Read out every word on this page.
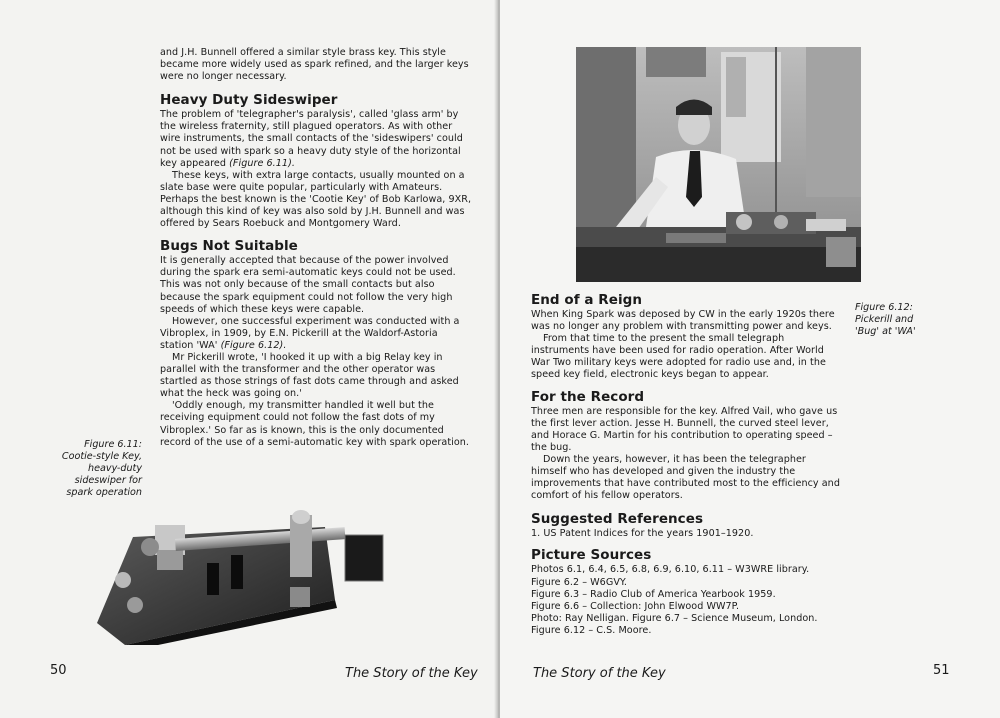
and J.H. Bunnell offered a similar style brass key. This style became more widely used as spark refined, and the larger keys were no longer necessary.

Heavy Duty Sideswiper

The problem of 'telegrapher's paralysis', called 'glass arm' by the wireless fraternity, still plagued operators. As with other wire instruments, the small contacts of the 'sideswipers' could not be used with spark so a heavy duty style of the horizontal key appeared (Figure 6.11).

These keys, with extra large contacts, usually mounted on a slate base were quite popular, particularly with Amateurs. Perhaps the best known is the 'Cootie Key' of Bob Karlowa, 9XR, although this kind of key was also sold by J.H. Bunnell and was offered by Sears Roebuck and Montgomery Ward.

Bugs Not Suitable

It is generally accepted that because of the power involved during the spark era semi-automatic keys could not be used. This was not only because of the small contacts but also because the spark equipment could not follow the very high speeds of which these keys were capable.

However, one successful experiment was conducted with a Vibroplex, in 1909, by E.N. Pickerill at the Waldorf-Astoria station 'WA' (Figure 6.12).

Mr Pickerill wrote, 'I hooked it up with a big Relay key in parallel with the transformer and the other operator was startled as those strings of fast dots came through and asked what the heck was going on.'

'Oddly enough, my transmitter handled it well but the receiving equipment could not follow the fast dots of my Vibroplex.' So far as is known, this is the only documented record of the use of a semi-automatic key with spark operation.

Figure 6.11:
Cootie-style Key,
heavy-duty
sideswiper for
spark operation
50	The Story of the Key
Figure 6.12:
Pickerill and
'Bug' at 'WA'
End of a Reign

When King Spark was deposed by CW in the early 1920s there was no longer any problem with transmitting power and keys.

From that time to the present the small telegraph instruments have been used for radio operation. After World War Two military keys were adopted for radio use and, in the speed key field, electronic keys began to appear.

For the Record

Three men are responsible for the key. Alfred Vail, who gave us the first lever action. Jesse H. Bunnell, the curved steel lever, and Horace G. Martin for his contribution to operating speed – the bug.

Down the years, however, it has been the telegrapher himself who has developed and given the industry the improvements that have contributed most to the efficiency and comfort of his fellow operators.

Suggested References

1. US Patent Indices for the years 1901–1920.

Picture Sources

Photos 6.1, 6.4, 6.5, 6.8, 6.9, 6.10, 6.11 – W3WRE library.

Figure 6.2 – W6GVY.

Figure 6.3 – Radio Club of America Yearbook 1959.

Figure 6.6 – Collection: John Elwood WW7P.

Photo: Ray Nelligan. Figure 6.7 – Science Museum, London.

Figure 6.12 – C.S. Moore.

The Story of the Key	51
